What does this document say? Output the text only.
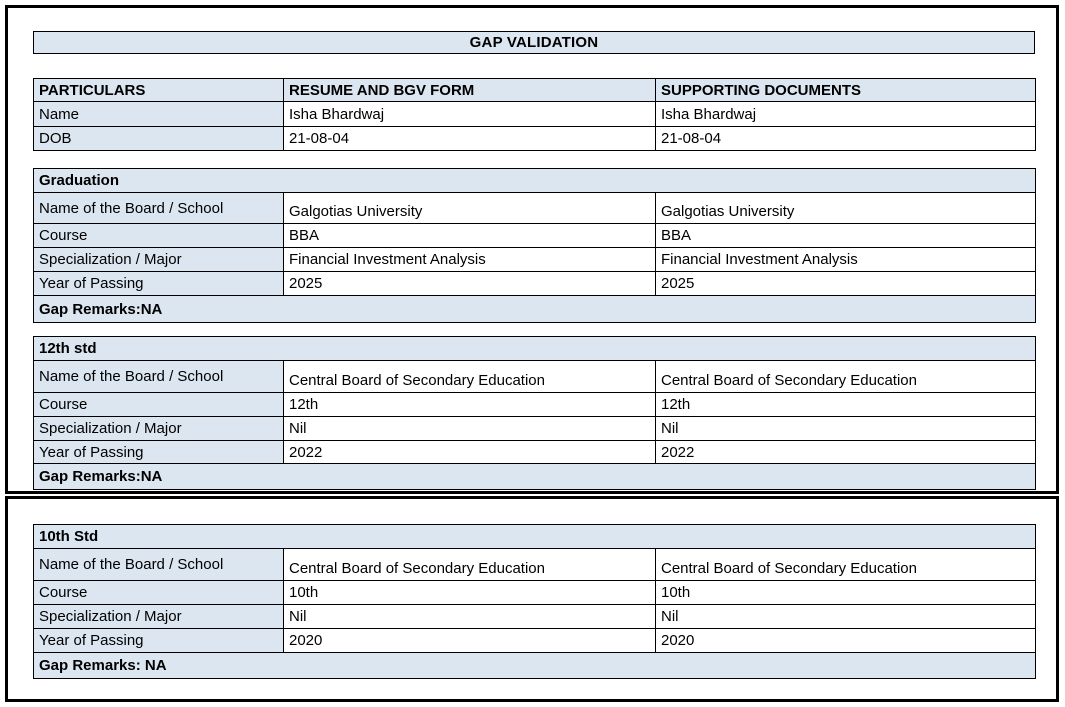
GAP VALIDATION
PARTICULARS	RESUME AND BGV FORM	SUPPORTING DOCUMENTS
Name	Isha Bhardwaj	Isha Bhardwaj
DOB	21-08-04	21-08-04
Graduation		
Name of the Board / School	Galgotias University	Galgotias University
Course	BBA	BBA
Specialization / Major	Financial Investment Analysis	Financial Investment Analysis
Year of Passing	2025	2025
Gap Remarks:NA		
12th std		
Name of the Board / School	Central Board of Secondary Education	Central Board of Secondary Education
Course	12th	12th
Specialization / Major	Nil	Nil
Year of Passing	2022	2022
Gap Remarks:NA		
10th Std		
Name of the Board / School	Central Board of Secondary Education	Central Board of Secondary Education
Course	10th	10th
Specialization / Major	Nil	Nil
Year of Passing	2020	2020
Gap Remarks: NA		
